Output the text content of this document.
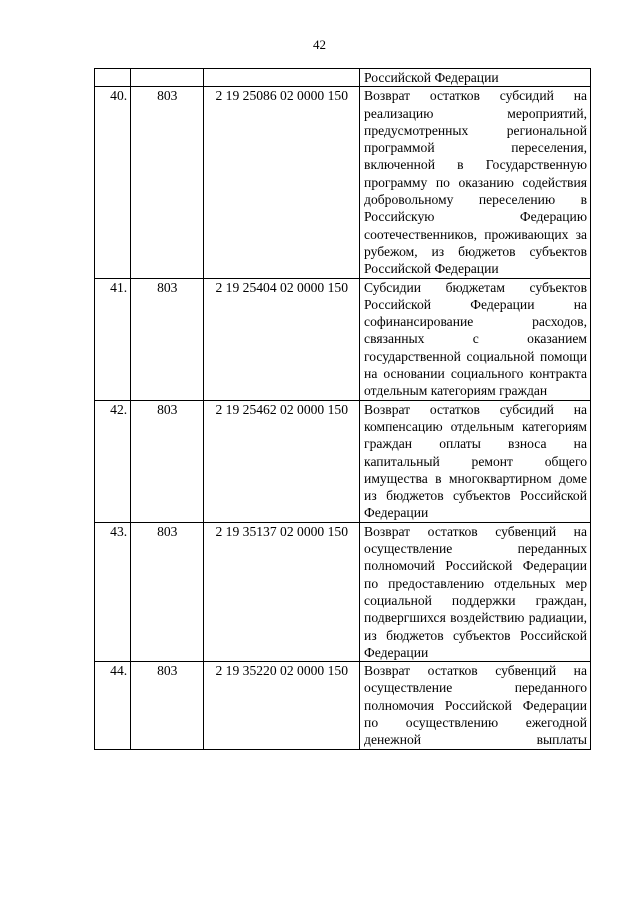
42
			Российской Федерации
40.	803	2 19 25086 02 0000 150	Возврат остатков субсидий на реализацию мероприятий, предусмотренных региональной программой переселения, включенной в Государственную программу по оказанию содействия добровольному переселению в Российскую Федерацию соотечественников, проживающих за рубежом, из бюджетов субъектов Российской Федерации
41.	803	2 19 25404 02 0000 150	Субсидии бюджетам субъектов Российской Федерации на софинансирование расходов, связанных с оказанием государственной социальной помощи на основании социального контракта отдельным категориям граждан
42.	803	2 19 25462 02 0000 150	Возврат остатков субсидий на компенсацию отдельным категориям граждан оплаты взноса на капитальный ремонт общего имущества в многоквартирном доме из бюджетов субъектов Российской Федерации
43.	803	2 19 35137 02 0000 150	Возврат остатков субвенций на осуществление переданных полномочий Российской Федерации по предоставлению отдельных мер социальной поддержки граждан, подвергшихся воздействию радиации, из бюджетов субъектов Российской Федерации
44.	803	2 19 35220 02 0000 150	Возврат остатков субвенций на осуществление переданного полномочия Российской Федерации по осуществлению ежегодной денежной выплаты
